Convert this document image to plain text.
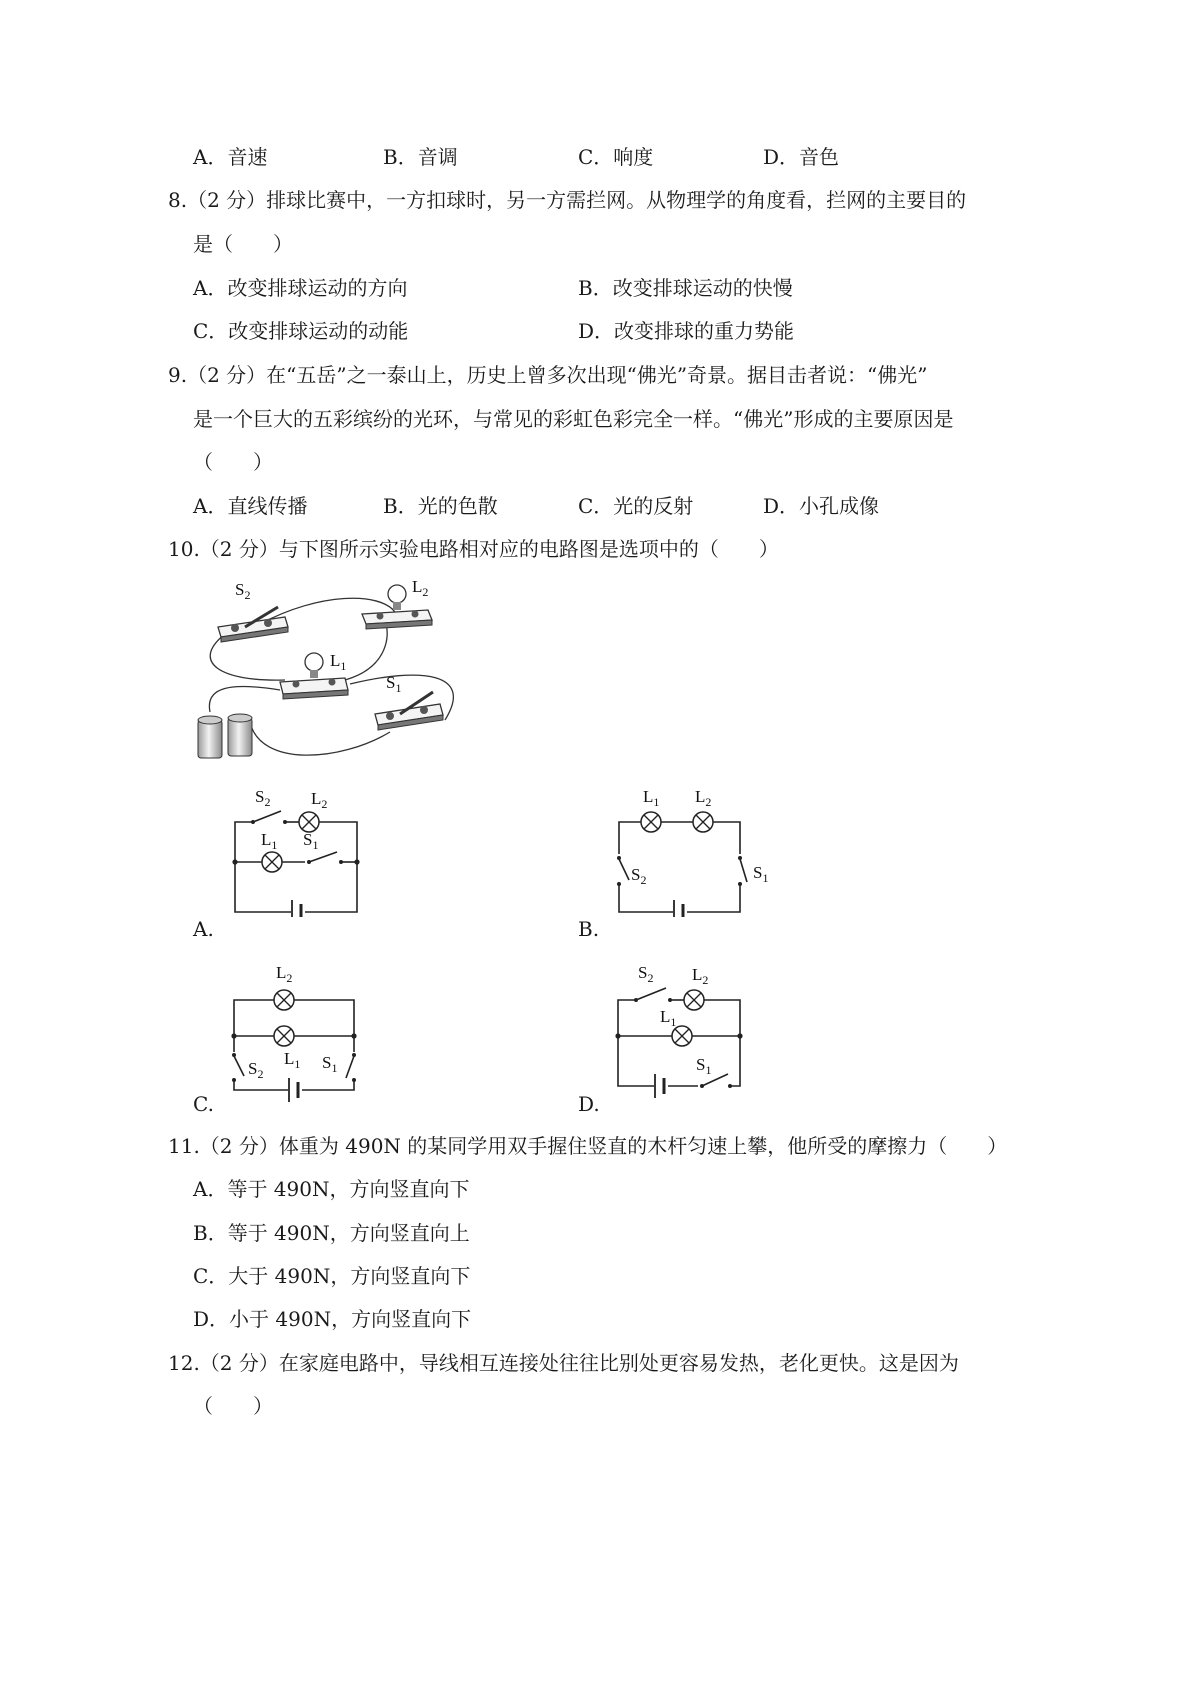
A．音速	B．音调	C．响度	D．音色
8.（2 分）排球比赛中，一方扣球时，另一方需拦网。从物理学的角度看，拦网的主要目的
是（　　）
A．改变排球运动的方向	B．改变排球运动的快慢
C．改变排球运动的动能	D．改变排球的重力势能
9.（2 分）在“五岳”之一泰山上，历史上曾多次出现“佛光”奇景。据目击者说：“佛光”
是一个巨大的五彩缤纷的光环，与常见的彩虹色彩完全一样。“佛光”形成的主要原因是
（　　）
A．直线传播	B．光的色散	C．光的反射	D．小孔成像
10.（2 分）与下图所示实验电路相对应的电路图是选项中的（　　）
$S_2$	$L_2$
$L_1$
$S_1$
A.	B.
C.	D.
$S_2$ $L_2$
$L_1$ $S_1$
$L_1$ $L_2$
$S_2$	$S_1$
$L_2$
$S_2$
$L_1$ $S_1$
$S_2$ $L_2$
$L_1$
$S_1$
11.（2 分）体重为 490N 的某同学用双手握住竖直的木杆匀速上攀，他所受的摩擦力（　　）
A．等于 490N，方向竖直向下
B．等于 490N，方向竖直向上
C．大于 490N，方向竖直向下
D．小于 490N，方向竖直向下
12.（2 分）在家庭电路中，导线相互连接处往往比别处更容易发热，老化更快。这是因为
（　　）
